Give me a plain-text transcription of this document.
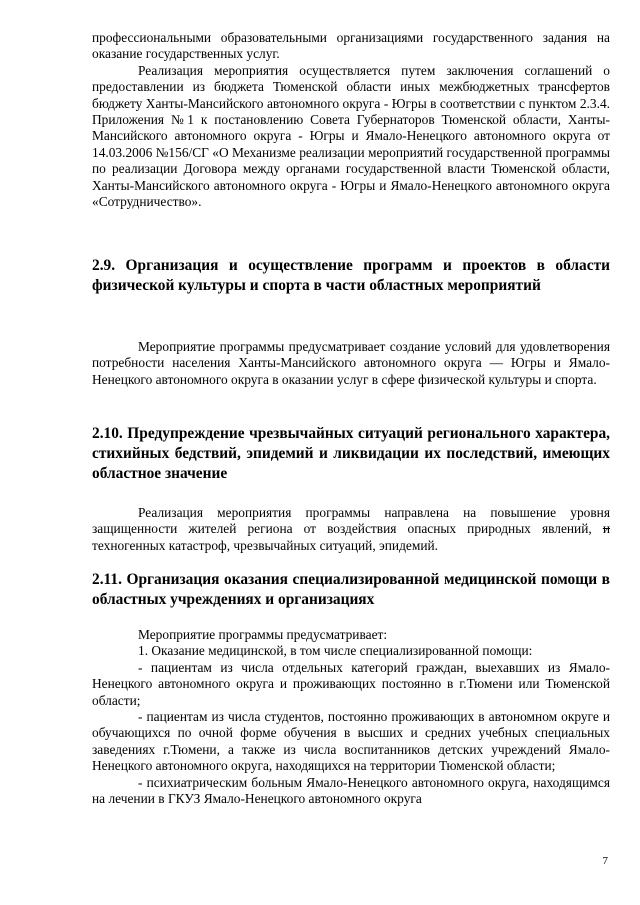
профессиональными образовательными организациями государственного задания на оказание государственных услуг.

Реализация мероприятия осуществляется путем заключения соглашений о предоставлении из бюджета Тюменской области иных межбюджетных трансфертов бюджету Ханты-Мансийского автономного округа - Югры в соответствии с пунктом 2.3.4. Приложения №1 к постановлению Совета Губернаторов Тюменской области, Ханты-Мансийского автономного округа - Югры и Ямало-Ненецкого автономного округа от 14.03.2006 №156/СГ «О Механизме реализации мероприятий государственной программы по реализации Договора между органами государственной власти Тюменской области, Ханты-Мансийского автономного округа - Югры и Ямало-Ненецкого автономного округа «Сотрудничество».

2.9. Организация и осуществление программ и проектов в области физической культуры и спорта в части областных мероприятий

Мероприятие программы предусматривает создание условий для удовлетворения потребности населения Ханты-Мансийского автономного округа — Югры и Ямало-Ненецкого автономного округа в оказании услуг в сфере физической культуры и спорта.

2.10. Предупреждение чрезвычайных ситуаций регионального характера, стихийных бедствий, эпидемий и ликвидации их последствий, имеющих областное значение

Реализация мероприятия программы направлена на повышение уровня защищенности жителей региона от воздействия опасных природных явлений, и техногенных катастроф, чрезвычайных ситуаций, эпидемий.

2.11. Организация оказания специализированной медицинской помощи в областных учреждениях и организациях

Мероприятие программы предусматривает:

1. Оказание медицинской, в том числе специализированной помощи:

- пациентам из числа отдельных категорий граждан, выехавших из Ямало-Ненецкого автономного округа и проживающих постоянно в г.Тюмени или Тюменской области;

- пациентам из числа студентов, постоянно проживающих в автономном округе и обучающихся по очной форме обучения в высших и средних учебных специальных заведениях г.Тюмени, а также из числа воспитанников детских учреждений Ямало-Ненецкого автономного округа, находящихся на территории Тюменской области;

- психиатрическим больным Ямало-Ненецкого автономного округа, находящимся на лечении в ГКУЗ Ямало-Ненецкого автономного округа

7
